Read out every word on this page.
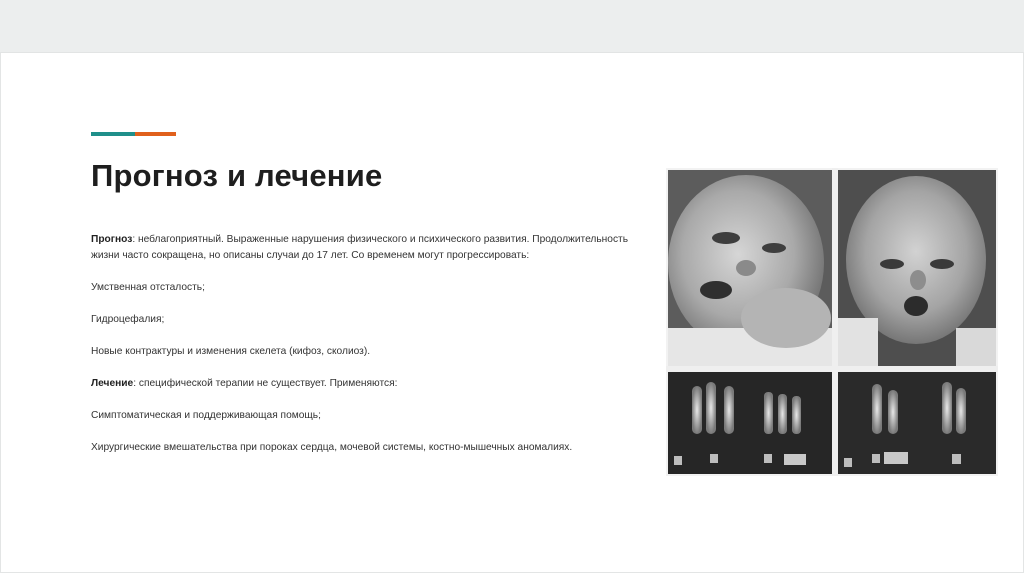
Прогноз и лечение

Прогноз: неблагоприятный. Выраженные нарушения физического и психического развития. Продолжительность жизни часто сокращена, но описаны случаи до 17 лет. Со временем могут прогрессировать:

Умственная отсталость;

Гидроцефалия;

Новые контрактуры и изменения скелета (кифоз, сколиоз).

Лечение: специфической терапии не существует. Применяются:

Симптоматическая и поддерживающая помощь;

Хирургические вмешательства при пороках сердца, мочевой системы, костно-мышечных аномалиях.
